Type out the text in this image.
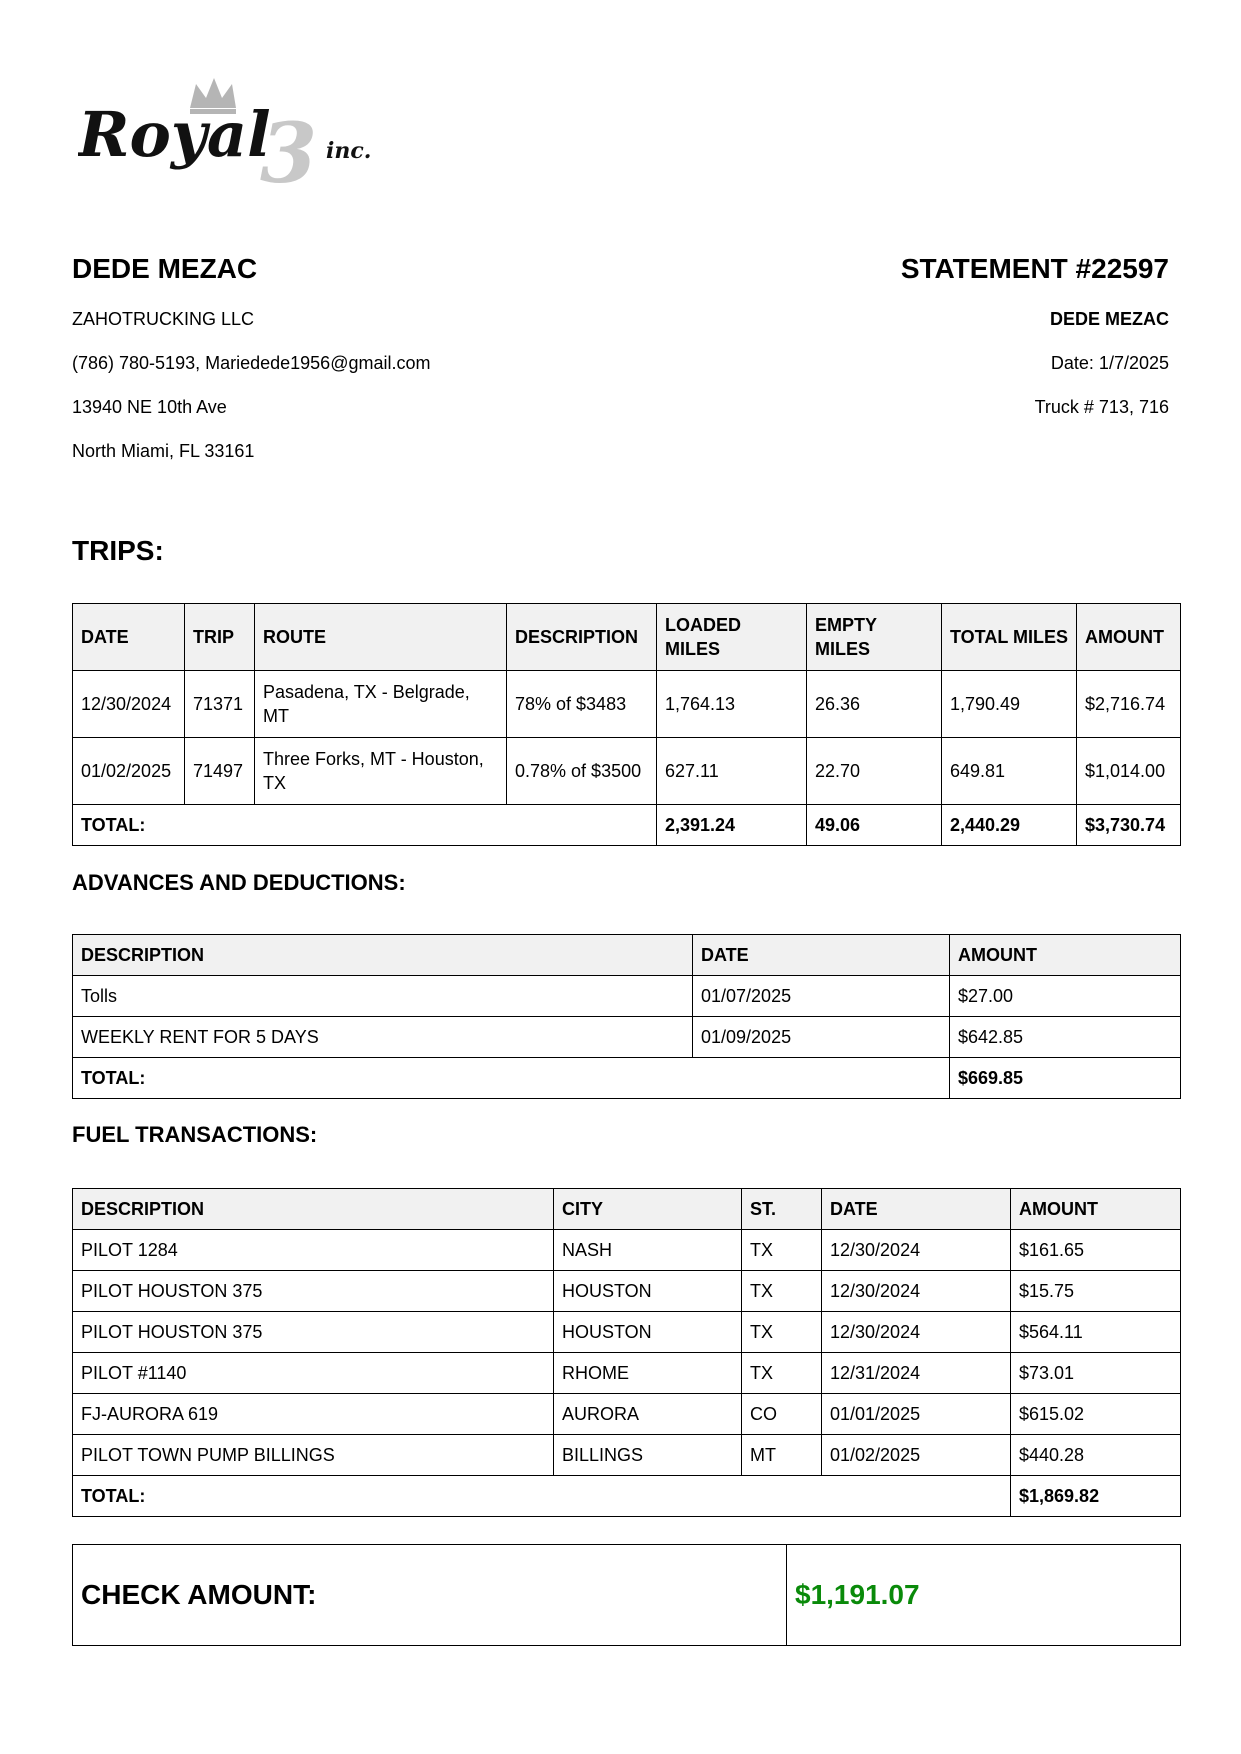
3
Royal	inc.
DEDE MEZAC
ZAHOTRUCKING LLC
(786) 780-5193, Mariedede1956@gmail.com
13940 NE 10th Ave
North Miami, FL 33161
STATEMENT #22597
DEDE MEZAC
Date: 1/7/2025
Truck # 713, 716
TRIPS:
DATE	TRIP	ROUTE	DESCRIPTION	LOADED MILES	EMPTY MILES	TOTAL MILES	AMOUNT
12/30/2024	71371	Pasadena, TX - Belgrade, MT	78% of $3483	1,764.13	26.36	1,790.49	$2,716.74
01/02/2025	71497	Three Forks, MT - Houston, TX	0.78% of $3500	627.11	22.70	649.81	$1,014.00
TOTAL:				2,391.24	49.06	2,440.29	$3,730.74
ADVANCES AND DEDUCTIONS:
DESCRIPTION	DATE	AMOUNT
Tolls	01/07/2025	$27.00
WEEKLY RENT FOR 5 DAYS	01/09/2025	$642.85
TOTAL:		$669.85
FUEL TRANSACTIONS:
DESCRIPTION	CITY	ST.	DATE	AMOUNT
PILOT 1284	NASH	TX	12/30/2024	$161.65
PILOT HOUSTON 375	HOUSTON	TX	12/30/2024	$15.75
PILOT HOUSTON 375	HOUSTON	TX	12/30/2024	$564.11
PILOT #1140	RHOME	TX	12/31/2024	$73.01
FJ-AURORA 619	AURORA	CO	01/01/2025	$615.02
PILOT TOWN PUMP BILLINGS	BILLINGS	MT	01/02/2025	$440.28
TOTAL:				$1,869.82
CHECK AMOUNT:	$1,191.07
